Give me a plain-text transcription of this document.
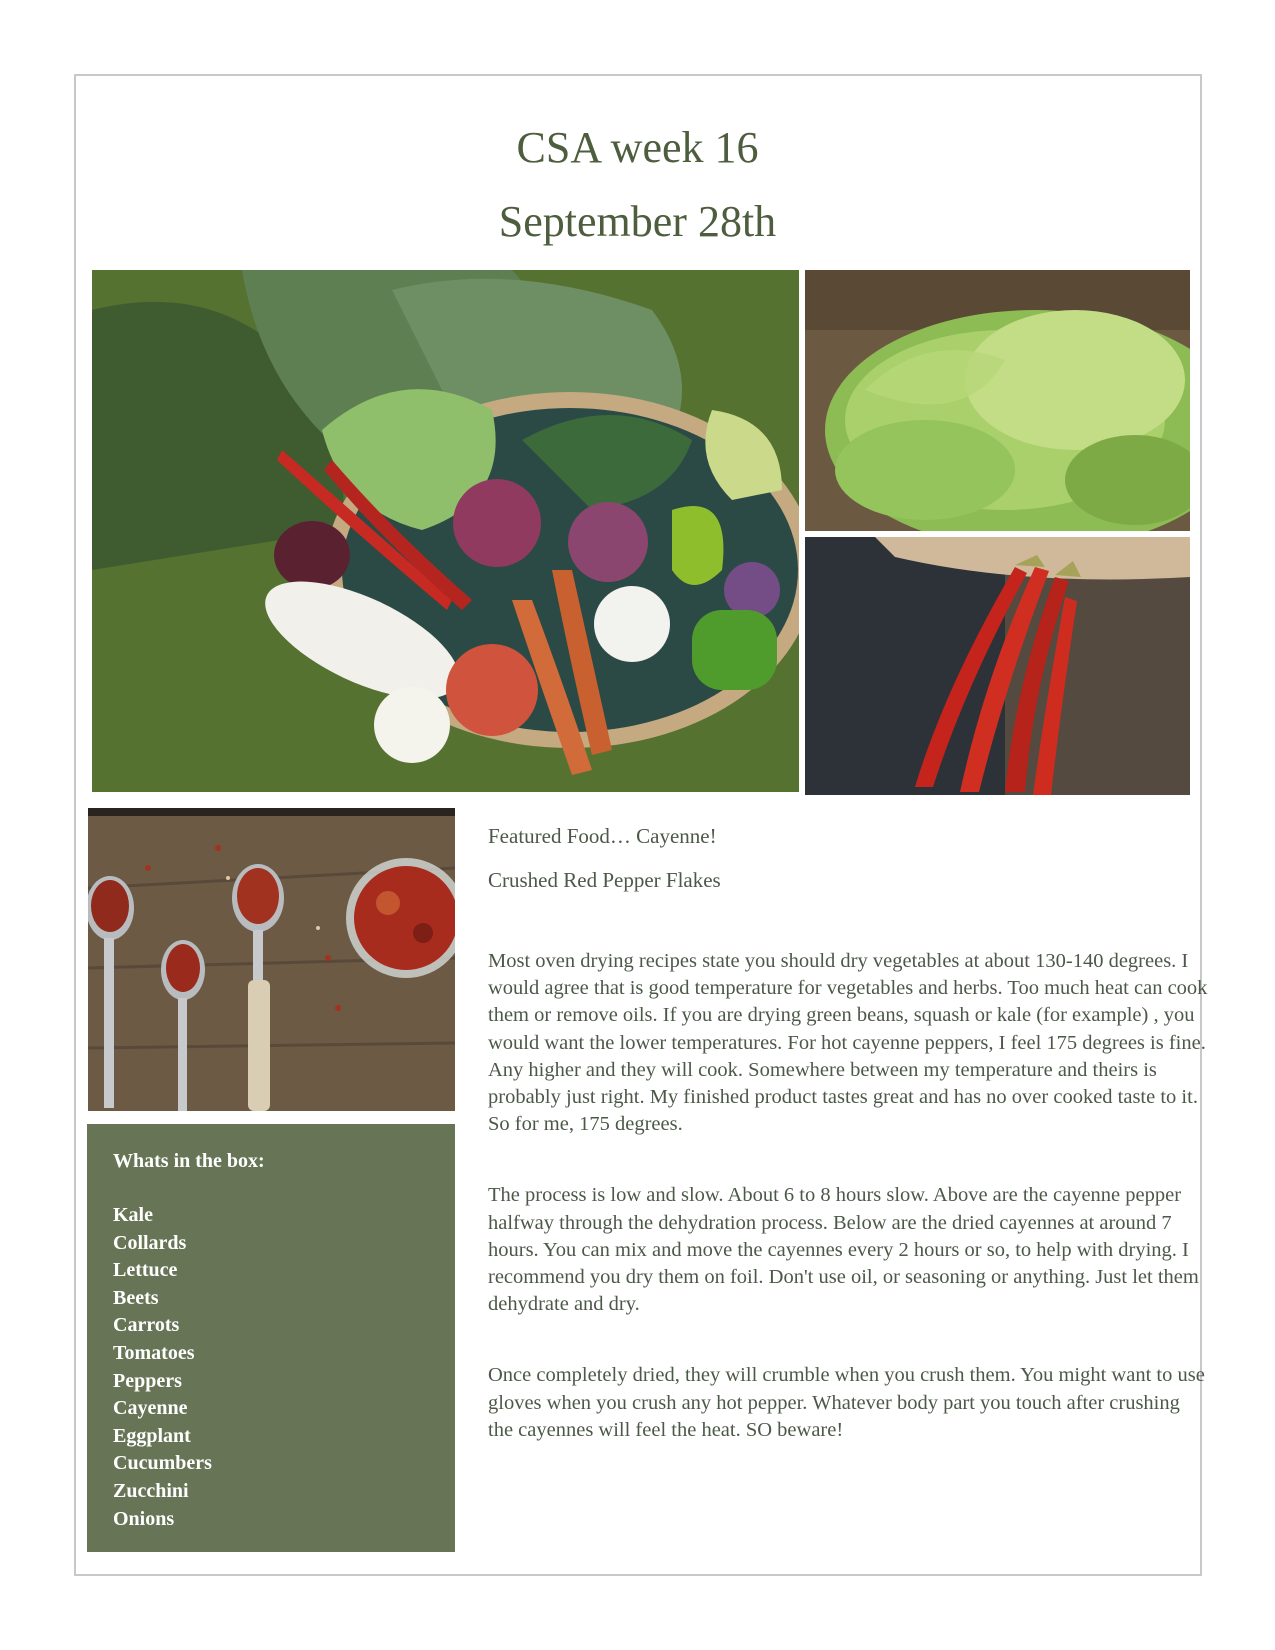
CSA week 16
September 28th

Whats in the box:

Kale
Collards
Lettuce
Beets
Carrots
Tomatoes
Peppers
Cayenne
Eggplant
Cucumbers
Zucchini
Onions

Featured Food… Cayenne!

Crushed Red Pepper Flakes

Most oven drying recipes state you should dry vegetables at about 130-140 degrees. I would agree that is good temperature for vegetables and herbs. Too much heat can cook them or remove oils. If you are drying green beans, squash or kale (for example) , you would want the lower temperatures. For hot cayenne peppers, I feel 175 degrees is fine. Any higher and they will cook. Somewhere between my temperature and theirs is probably just right. My finished product tastes great and has no over cooked taste to it. So for me, 175 degrees.

The process is low and slow. About 6 to 8 hours slow. Above are the cayenne pepper halfway through the dehydration process. Below are the dried cayennes at around 7 hours. You can mix and move the cayennes every 2 hours or so, to help with drying. I recommend you dry them on foil. Don't use oil, or seasoning or anything. Just let them dehydrate and dry.

Once completely dried, they will crumble when you crush them. You might want to use gloves when you crush any hot pepper. Whatever body part you touch after crushing the cayennes will feel the heat. SO beware!
